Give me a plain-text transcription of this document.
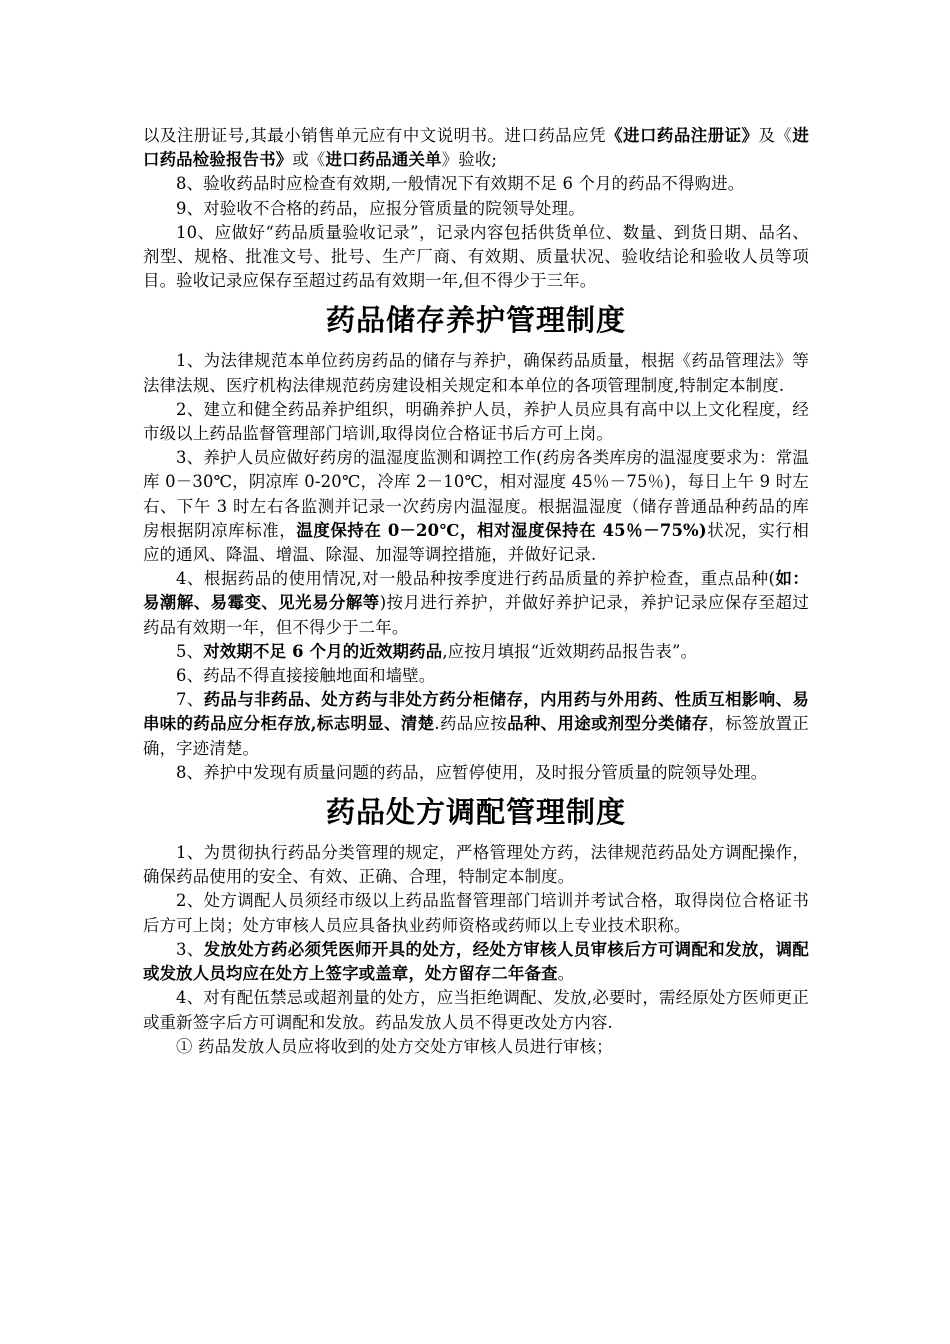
以及注册证号,其最小销售单元应有中文说明书。进口药品应凭《进口药品注册证》及《进口药品检验报告书》或《进口药品通关单》验收;

8、验收药品时应检查有效期,一般情况下有效期不足 6 个月的药品不得购进。

9、对验收不合格的药品，应报分管质量的院领导处理。

10、应做好“药品质量验收记录”，记录内容包括供货单位、数量、到货日期、品名、剂型、规格、批准文号、批号、生产厂商、有效期、质量状况、验收结论和验收人员等项目。验收记录应保存至超过药品有效期一年,但不得少于三年。

药品储存养护管理制度

1、为法律规范本单位药房药品的储存与养护，确保药品质量，根据《药品管理法》等法律法规、医疗机构法律规范药房建设相关规定和本单位的各项管理制度,特制定本制度.

2、建立和健全药品养护组织，明确养护人员，养护人员应具有高中以上文化程度，经市级以上药品监督管理部门培训,取得岗位合格证书后方可上岗。

3、养护人员应做好药房的温湿度监测和调控工作(药房各类库房的温湿度要求为：常温库 0－30℃，阴凉库 0-20℃，冷库 2－10℃，相对湿度 45％－75％)，每日上午 9 时左右、下午 3 时左右各监测并记录一次药房内温湿度。根据温湿度（储存普通品种药品的库房根据阴凉库标准，温度保持在 0－20℃，相对湿度保持在 45％－75%)状况，实行相应的通风、降温、增温、除湿、加湿等调控措施，并做好记录.

4、根据药品的使用情况,对一般品种按季度进行药品质量的养护检查，重点品种(如：易潮解、易霉变、见光易分解等)按月进行养护，并做好养护记录，养护记录应保存至超过药品有效期一年，但不得少于二年。

5、对效期不足 6 个月的近效期药品,应按月填报“近效期药品报告表”。

6、药品不得直接接触地面和墙壁。

7、药品与非药品、处方药与非处方药分柜储存，内用药与外用药、性质互相影响、易串味的药品应分柜存放,标志明显、清楚.药品应按品种、用途或剂型分类储存，标签放置正确，字迹清楚。

8、养护中发现有质量问题的药品，应暂停使用，及时报分管质量的院领导处理。

药品处方调配管理制度

1、为贯彻执行药品分类管理的规定，严格管理处方药，法律规范药品处方调配操作，确保药品使用的安全、有效、正确、合理，特制定本制度。

2、处方调配人员须经市级以上药品监督管理部门培训并考试合格，取得岗位合格证书后方可上岗；处方审核人员应具备执业药师资格或药师以上专业技术职称。

3、发放处方药必须凭医师开具的处方，经处方审核人员审核后方可调配和发放，调配或发放人员均应在处方上签字或盖章，处方留存二年备查。

4、对有配伍禁忌或超剂量的处方，应当拒绝调配、发放,必要时，需经原处方医师更正或重新签字后方可调配和发放。药品发放人员不得更改处方内容.

① 药品发放人员应将收到的处方交处方审核人员进行审核；
